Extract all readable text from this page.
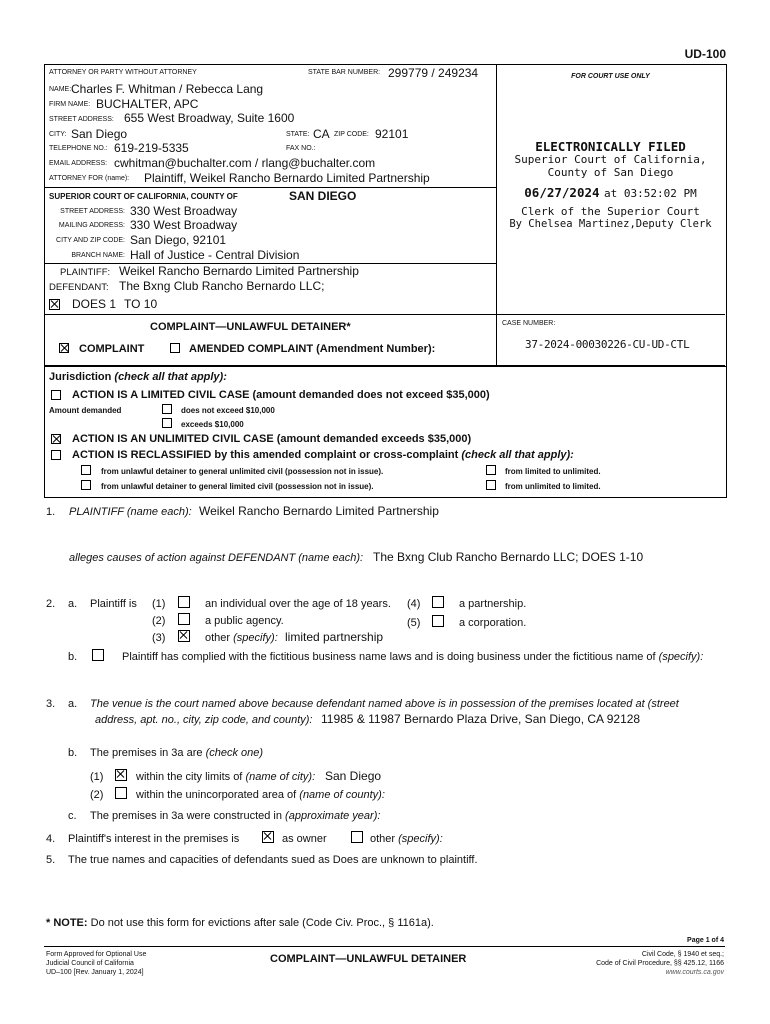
UD-100
ATTORNEY OR PARTY WITHOUT ATTORNEY	STATE BAR NUMBER: 299779 / 249234
NAME: Charles F. Whitman / Rebecca Lang
FIRM NAME: BUCHALTER, APC
STREET ADDRESS: 655 West Broadway, Suite 1600
CITY: San Diego	STATE: CA ZIP CODE: 92101
TELEPHONE NO.: 619-219-5335	FAX NO.:
EMAIL ADDRESS: cwhitman@buchalter.com / rlang@buchalter.com
ATTORNEY FOR (name): Plaintiff, Weikel Rancho Bernardo Limited Partnership
SUPERIOR COURT OF CALIFORNIA, COUNTY OF	SAN DIEGO
STREET ADDRESS: 330 West Broadway
MAILING ADDRESS: 330 West Broadway
CITY AND ZIP CODE: San Diego, 92101
BRANCH NAME: Hall of Justice - Central Division
PLAINTIFF: Weikel Rancho Bernardo Limited Partnership
DEFENDANT: The Bxng Club Rancho Bernardo LLC;
DOES 1 TO 10
COMPLAINT—UNLAWFUL DETAINER*
COMPLAINT	AMENDED COMPLAINT (Amendment Number):
CASE NUMBER:
37-2024-00030226-CU-UD-CTL
FOR COURT USE ONLY
ELECTRONICALLY FILED
Superior Court of California,
County of San Diego
06/27/2024 at 03:52:02 PM
Clerk of the Superior Court
By Chelsea Martinez,Deputy Clerk
Jurisdiction (check all that apply):
ACTION IS A LIMITED CIVIL CASE (amount demanded does not exceed $35,000)
Amount demanded	does not exceed $10,000
exceeds $10,000
ACTION IS AN UNLIMITED CIVIL CASE (amount demanded exceeds $35,000)
ACTION IS RECLASSIFIED by this amended complaint or cross-complaint (check all that apply):
from unlawful detainer to general unlimited civil (possession not in issue).
from unlawful detainer to general limited civil (possession not in issue).
from limited to unlimited.
from unlimited to limited.
1. PLAINTIFF (name each): Weikel Rancho Bernardo Limited Partnership
alleges causes of action against DEFENDANT (name each): The Bxng Club Rancho Bernardo LLC; DOES 1-10
2. a. Plaintiff is (1)	an individual over the age of 18 years.
(2)	a public agency.
(3)	other (specify): limited partnership
(4)	a partnership.
(5)	a corporation.
b.	Plaintiff has complied with the fictitious business name laws and is doing business under the fictitious name of (specify):
3. a. The venue is the court named above because defendant named above is in possession of the premises located at (street
address, apt. no., city, zip code, and county): 11985 & 11987 Bernardo Plaza Drive, San Diego, CA 92128
b. The premises in 3a are (check one)
(1)	within the city limits of (name of city): San Diego
(2)	within the unincorporated area of (name of county):
c. The premises in 3a were constructed in (approximate year):
4. Plaintiff's interest in the premises is	as owner	other (specify):
5. The true names and capacities of defendants sued as Does are unknown to plaintiff.
* NOTE: Do not use this form for evictions after sale (Code Civ. Proc., § 1161a).
Page 1 of 4
Form Approved for Optional Use
Judicial Council of California
UD–100 [Rev. January 1, 2024]
COMPLAINT—UNLAWFUL DETAINER	Civil Code, § 1940 et seq.;
Code of Civil Procedure, §§ 425.12, 1166
www.courts.ca.gov
